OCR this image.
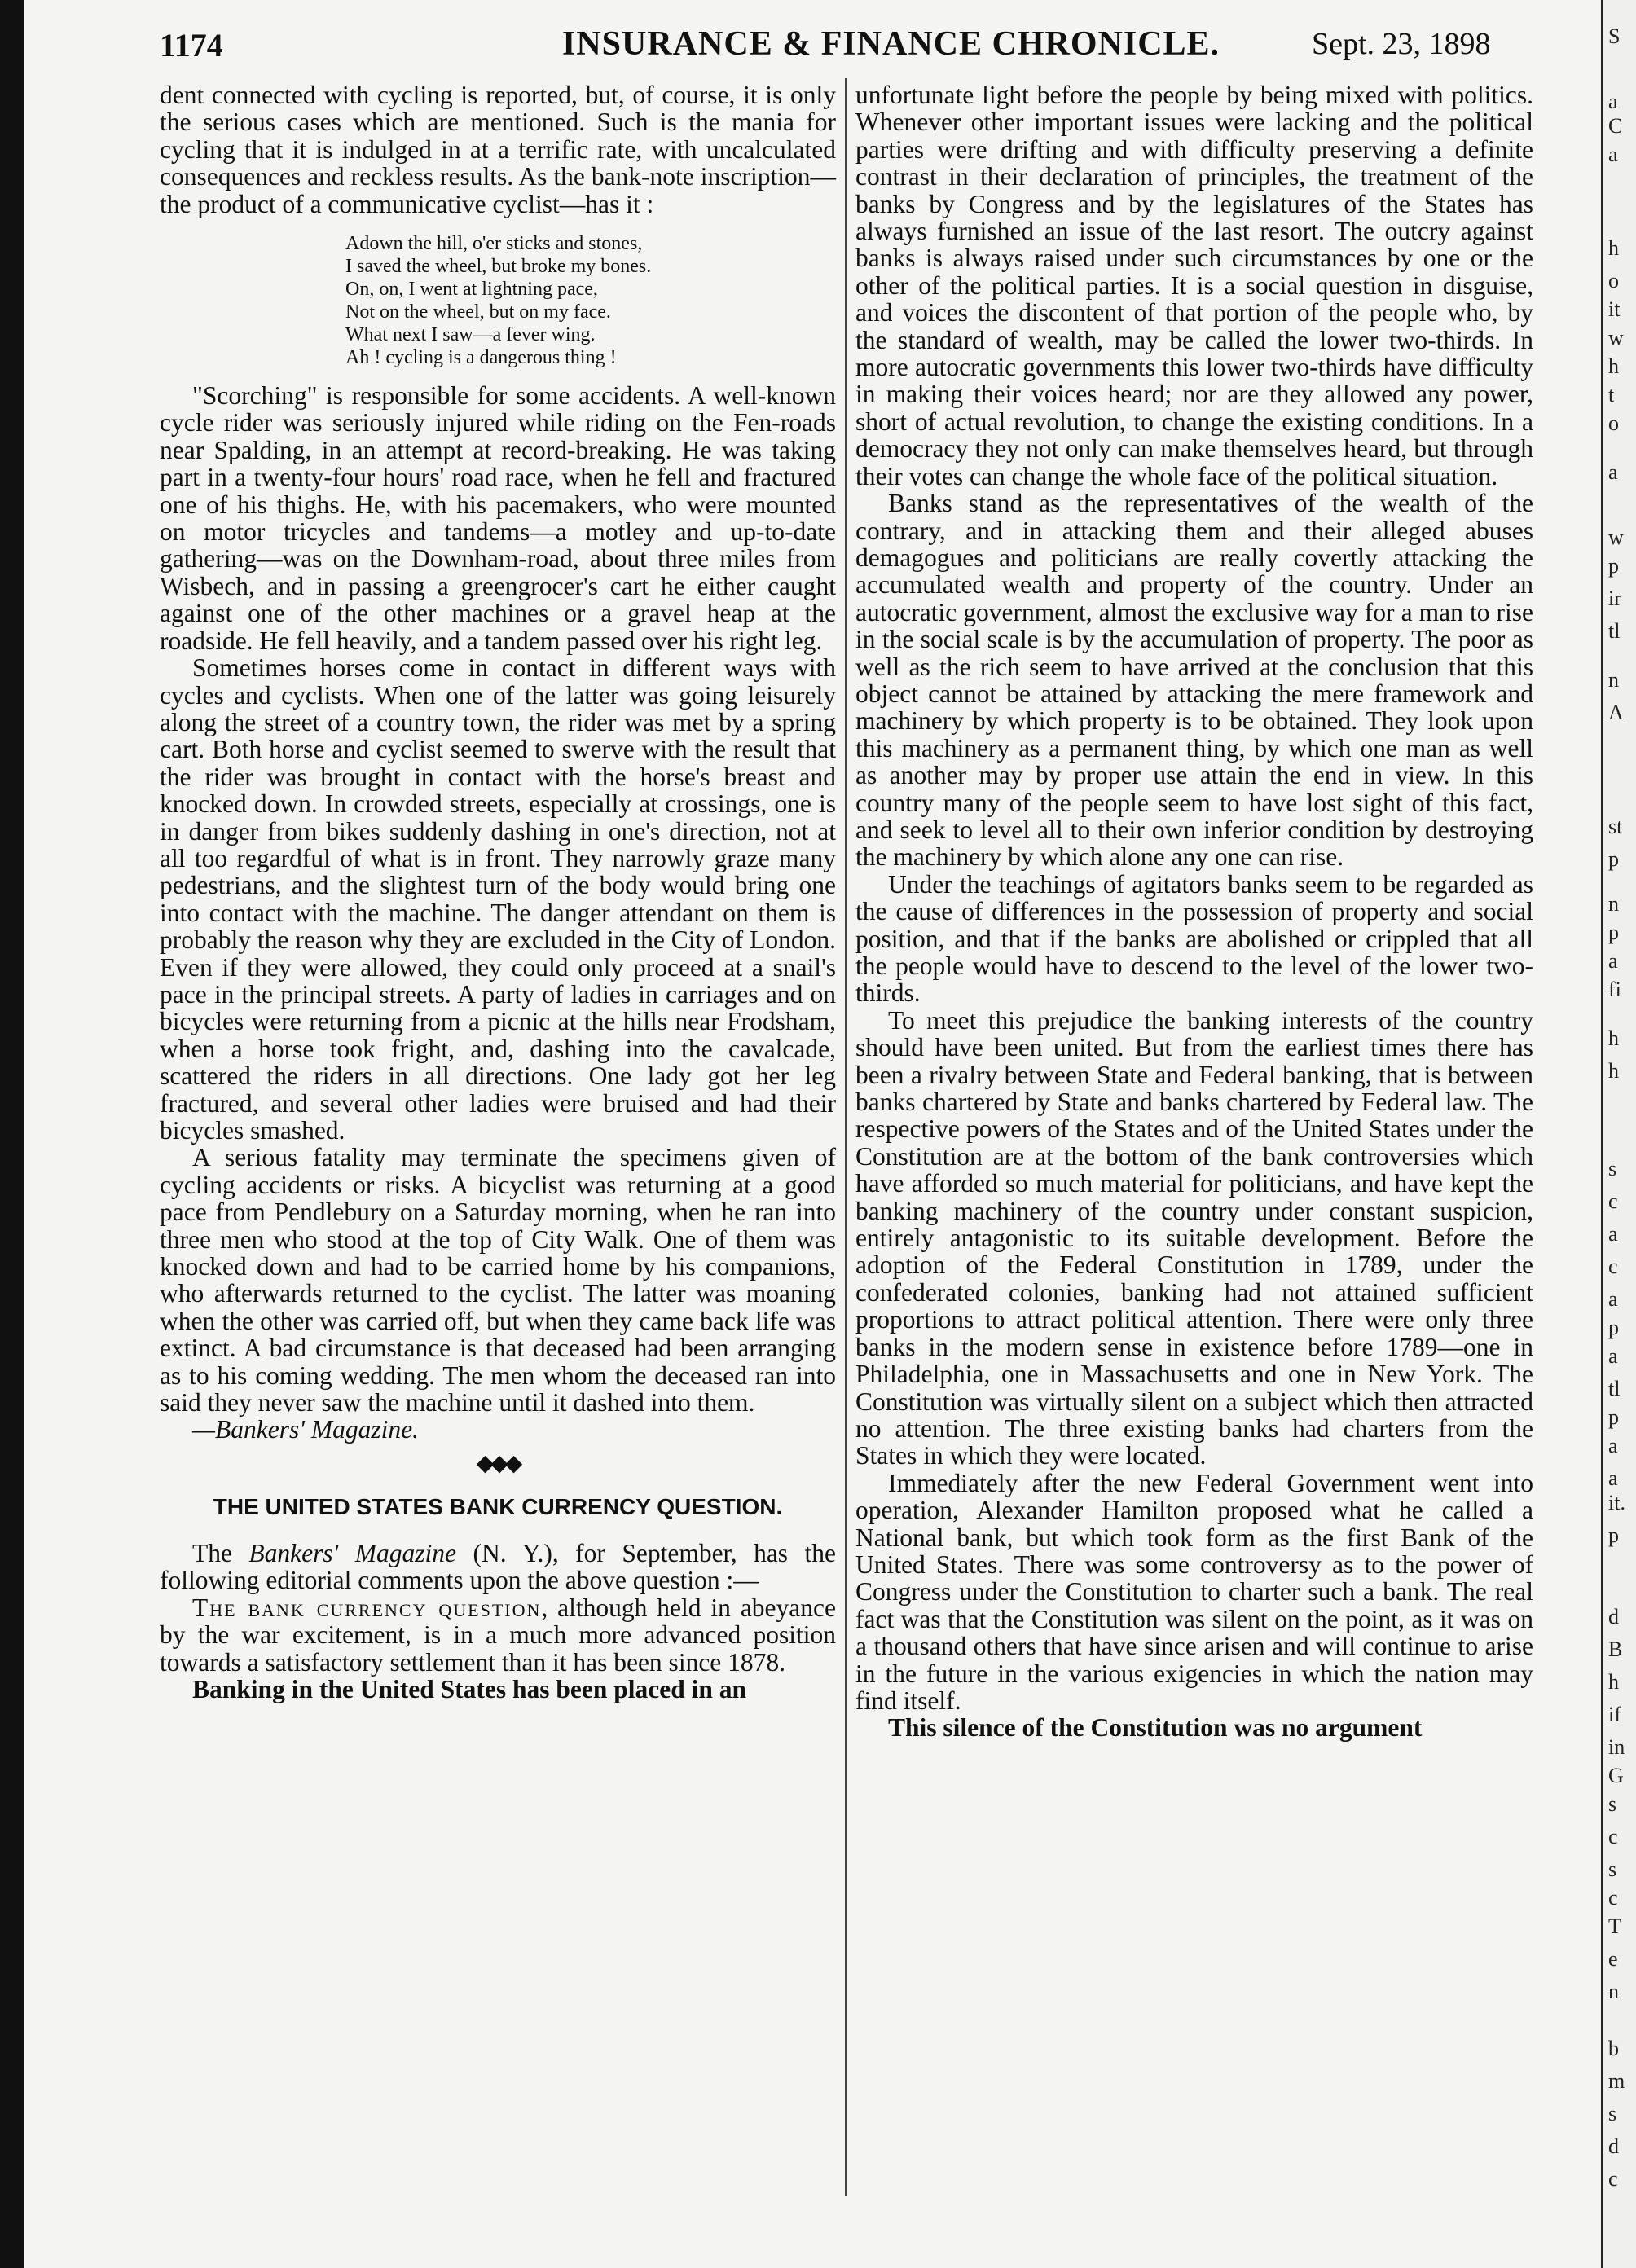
1174	INSURANCE & FINANCE CHRONICLE.	Sept. 23, 1898

dent connected with cycling is reported, but, of course, it is only the serious cases which are mentioned. Such is the mania for cycling that it is indulged in at a terrific rate, with uncalculated consequences and reckless results. As the bank-note inscription—the product of a communicative cyclist—has it :

Adown the hill, o'er sticks and stones,
I saved the wheel, but broke my bones.
On, on, I went at lightning pace,
Not on the wheel, but on my face.
What next I saw—a fever wing.
Ah ! cycling is a dangerous thing !

"Scorching" is responsible for some accidents. A well-known cycle rider was seriously injured while riding on the Fen-roads near Spalding, in an attempt at record-breaking. He was taking part in a twenty-four hours' road race, when he fell and fractured one of his thighs. He, with his pacemakers, who were mounted on motor tricycles and tandems—a motley and up-to-date gathering—was on the Downham-road, about three miles from Wisbech, and in passing a greengrocer's cart he either caught against one of the other machines or a gravel heap at the roadside. He fell heavily, and a tandem passed over his right leg.

Sometimes horses come in contact in different ways with cycles and cyclists. When one of the latter was going leisurely along the street of a country town, the rider was met by a spring cart. Both horse and cyclist seemed to swerve with the result that the rider was brought in contact with the horse's breast and knocked down. In crowded streets, especially at crossings, one is in danger from bikes suddenly dashing in one's direction, not at all too regardful of what is in front. They narrowly graze many pedestrians, and the slightest turn of the body would bring one into contact with the machine. The danger attendant on them is probably the reason why they are excluded in the City of London. Even if they were allowed, they could only proceed at a snail's pace in the principal streets. A party of ladies in carriages and on bicycles were returning from a picnic at the hills near Frodsham, when a horse took fright, and, dashing into the cavalcade, scattered the riders in all directions. One lady got her leg fractured, and several other ladies were bruised and had their bicycles smashed.

A serious fatality may terminate the specimens given of cycling accidents or risks. A bicyclist was returning at a good pace from Pendlebury on a Saturday morning, when he ran into three men who stood at the top of City Walk. One of them was knocked down and had to be carried home by his companions, who afterwards returned to the cyclist. The latter was moaning when the other was carried off, but when they came back life was extinct. A bad circumstance is that deceased had been arranging as to his coming wedding. The men whom the deceased ran into said they never saw the machine until it dashed into them.

—Bankers' Magazine.

◆◆◆
THE UNITED STATES BANK CURRENCY QUESTION.

The Bankers' Magazine (N. Y.), for September, has the following editorial comments upon the above question :—

The bank currency question, although held in abeyance by the war excitement, is in a much more advanced position towards a satisfactory settlement than it has been since 1878.

Banking in the United States has been placed in an

unfortunate light before the people by being mixed with politics. Whenever other important issues were lacking and the political parties were drifting and with difficulty preserving a definite contrast in their declaration of principles, the treatment of the banks by Congress and by the legislatures of the States has always furnished an issue of the last resort. The outcry against banks is always raised under such circumstances by one or the other of the political parties. It is a social question in disguise, and voices the discontent of that portion of the people who, by the standard of wealth, may be called the lower two-thirds. In more autocratic governments this lower two-thirds have difficulty in making their voices heard; nor are they allowed any power, short of actual revolution, to change the existing conditions. In a democracy they not only can make themselves heard, but through their votes can change the whole face of the political situation.

Banks stand as the representatives of the wealth of the contrary, and in attacking them and their alleged abuses demagogues and politicians are really covertly attacking the accumulated wealth and property of the country. Under an autocratic government, almost the exclusive way for a man to rise in the social scale is by the accumulation of property. The poor as well as the rich seem to have arrived at the conclusion that this object cannot be attained by attacking the mere framework and machinery by which property is to be obtained. They look upon this machinery as a permanent thing, by which one man as well as another may by proper use attain the end in view. In this country many of the people seem to have lost sight of this fact, and seek to level all to their own inferior condition by destroying the machinery by which alone any one can rise.

Under the teachings of agitators banks seem to be regarded as the cause of differences in the possession of property and social position, and that if the banks are abolished or crippled that all the people would have to descend to the level of the lower two-thirds.

To meet this prejudice the banking interests of the country should have been united. But from the earliest times there has been a rivalry between State and Federal banking, that is between banks chartered by State and banks chartered by Federal law. The respective powers of the States and of the United States under the Constitution are at the bottom of the bank controversies which have afforded so much material for politicians, and have kept the banking machinery of the country under constant suspicion, entirely antagonistic to its suitable development. Before the adoption of the Federal Constitution in 1789, under the confederated colonies, banking had not attained sufficient proportions to attract political attention. There were only three banks in the modern sense in existence before 1789—one in Philadelphia, one in Massachusetts and one in New York. The Constitution was virtually silent on a subject which then attracted no attention. The three existing banks had charters from the States in which they were located.

Immediately after the new Federal Government went into operation, Alexander Hamilton proposed what he called a National bank, but which took form as the first Bank of the United States. There was some controversy as to the power of Congress under the Constitution to charter such a bank. The real fact was that the Constitution was silent on the point, as it was on a thousand others that have since arisen and will continue to arise in the future in the various exigencies in which the nation may find itself.

This silence of the Constitution was no argument

S
a
C
a
h
o
it
w
h
t
o
a
w
p
ir
tl
n
A
st
p
n
p
a
fi
h
h
s
c
a
c
a
p
a
tl
p
a
a
it.
p
d
B
h
if
in
G
s
c
s
c
T
e
n
b
m
s
d
c
